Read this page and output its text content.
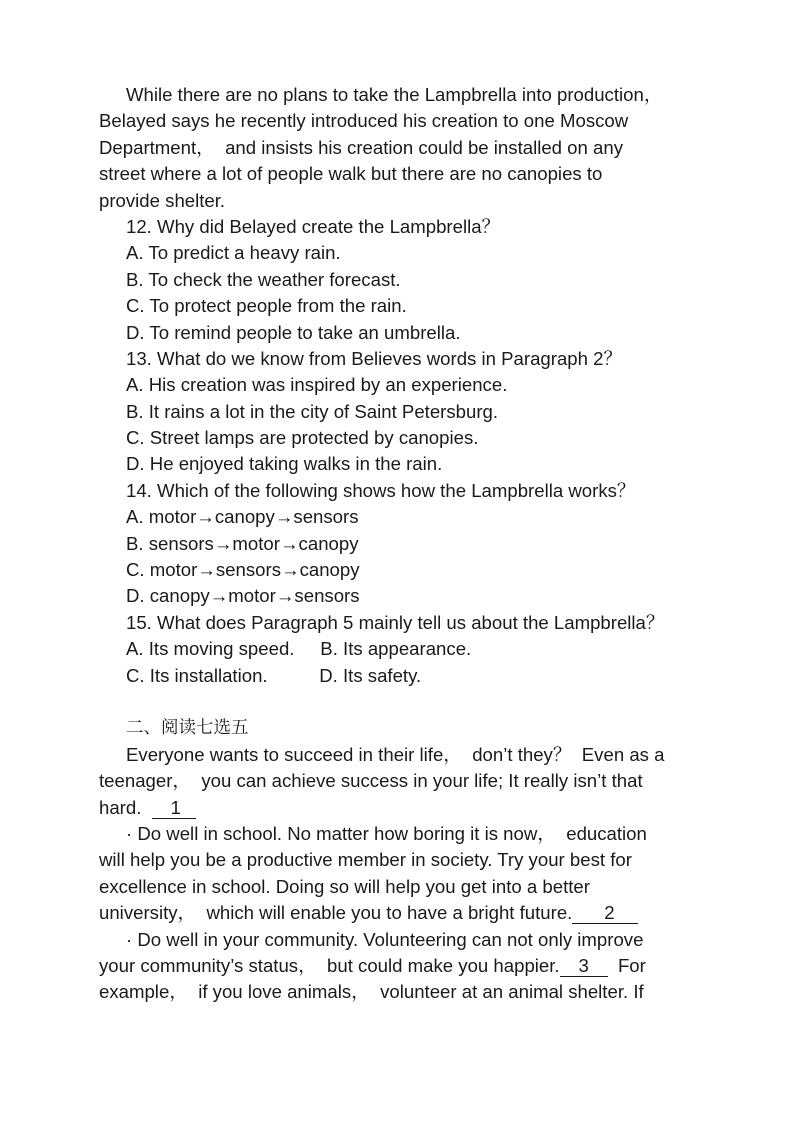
While there are no plans to take the Lampbrella into production，
Belayed says he recently introduced his creation to one Moscow
Department，  and insists his creation could be installed on any
street where a lot of people walk but there are no canopies to
provide shelter.
12. Why did Belayed create the Lampbrella？
A. To predict a heavy rain.
B. To check the weather forecast.
C. To protect people from the rain.
D. To remind people to take an umbrella.
13. What do we know from Believes words in Paragraph 2？
A. His creation was inspired by an experience.
B. It rains a lot in the city of Saint Petersburg.
C. Street lamps are protected by canopies.
D. He enjoyed taking walks in the rain.
14. Which of the following shows how the Lampbrella works？
A. motor→canopy→sensors
B. sensors→motor→canopy
C. motor→sensors→canopy
D. canopy→motor→sensors
15. What does Paragraph 5 mainly tell us about the Lampbrella？
A. Its moving speed.     B. Its appearance.
C. Its installation.          D. Its safety.
二、阅读七选五
Everyone wants to succeed in their life，  don’t they？  Even as a
teenager，  you can achieve success in your life; It really isn’t that
hard.  1
· Do well in school. No matter how boring it is now，  education
will help you be a productive member in society. Try your best for
excellence in school. Doing so will help you get into a better
university，  which will enable you to have a bright future. 2
· Do well in your community. Volunteering can not only improve
your community’s status，  but could make you happier. 3  For
example，  if you love animals，  volunteer at an animal shelter. If
